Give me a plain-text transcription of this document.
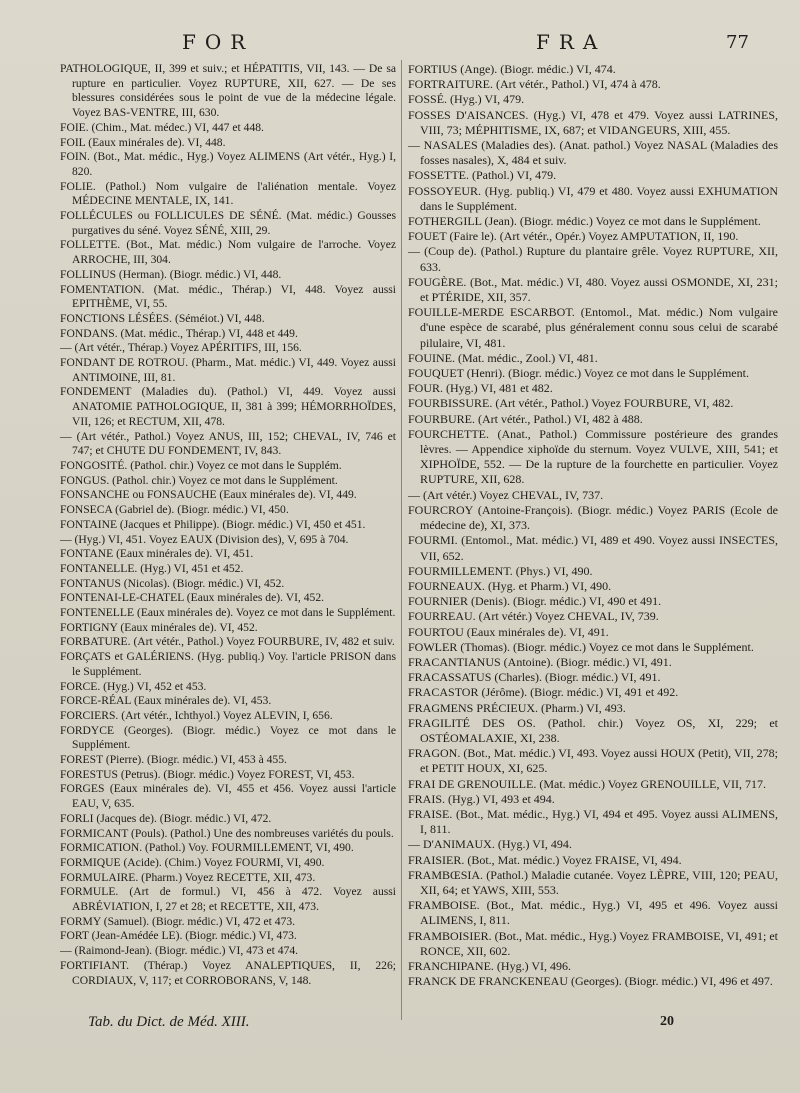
FOR	FRA	77

PATHOLOGIQUE, II, 399 et suiv.; et HÉPATITIS, VII, 143. — De sa rupture en particulier. Voyez RUPTURE, XII, 627. — De ses blessures considérées sous le point de vue de la médecine légale. Voyez BAS-VENTRE, III, 630.

FOIE. (Chim., Mat. médec.) VI, 447 et 448.

FOIL (Eaux minérales de). VI, 448.

FOIN. (Bot., Mat. médic., Hyg.) Voyez ALIMENS (Art vétér., Hyg.) I, 820.

FOLIE. (Pathol.) Nom vulgaire de l'aliénation mentale. Voyez MÉDECINE MENTALE, IX, 141.

FOLLÉCULES ou FOLLICULES DE SÉNÉ. (Mat. médic.) Gousses purgatives du séné. Voyez SÉNÉ, XIII, 29.

FOLLETTE. (Bot., Mat. médic.) Nom vulgaire de l'arroche. Voyez ARROCHE, III, 304.

FOLLINUS (Herman). (Biogr. médic.) VI, 448.

FOMENTATION. (Mat. médic., Thérap.) VI, 448. Voyez aussi EPITHÈME, VI, 55.

FONCTIONS LÉSÉES. (Séméiot.) VI, 448.

FONDANS. (Mat. médic., Thérap.) VI, 448 et 449.

— (Art vétér., Thérap.) Voyez APÉRITIFS, III, 156.

FONDANT DE ROTROU. (Pharm., Mat. médic.) VI, 449. Voyez aussi ANTIMOINE, III, 81.

FONDEMENT (Maladies du). (Pathol.) VI, 449. Voyez aussi ANATOMIE PATHOLOGIQUE, II, 381 à 399; HÉMORRHOÏDES, VII, 126; et RECTUM, XII, 478.

— (Art vétér., Pathol.) Voyez ANUS, III, 152; CHEVAL, IV, 746 et 747; et CHUTE DU FONDEMENT, IV, 843.

FONGOSITÉ. (Pathol. chir.) Voyez ce mot dans le Supplém.

FONGUS. (Pathol. chir.) Voyez ce mot dans le Supplément.

FONSANCHE ou FONSAUCHE (Eaux minérales de). VI, 449.

FONSECA (Gabriel de). (Biogr. médic.) VI, 450.

FONTAINE (Jacques et Philippe). (Biogr. médic.) VI, 450 et 451.

— (Hyg.) VI, 451. Voyez EAUX (Division des), V, 695 à 704.

FONTANE (Eaux minérales de). VI, 451.

FONTANELLE. (Hyg.) VI, 451 et 452.

FONTANUS (Nicolas). (Biogr. médic.) VI, 452.

FONTENAI-LE-CHATEL (Eaux minérales de). VI, 452.

FONTENELLE (Eaux minérales de). Voyez ce mot dans le Supplément.

FORTIGNY (Eaux minérales de). VI, 452.

FORBATURE. (Art vétér., Pathol.) Voyez FOURBURE, IV, 482 et suiv.

FORÇATS et GALÉRIENS. (Hyg. publiq.) Voy. l'article PRISON dans le Supplément.

FORCE. (Hyg.) VI, 452 et 453.

FORCE-RÉAL (Eaux minérales de). VI, 453.

FORCIERS. (Art vétér., Ichthyol.) Voyez ALEVIN, I, 656.

FORDYCE (Georges). (Biogr. médic.) Voyez ce mot dans le Supplément.

FOREST (Pierre). (Biogr. médic.) VI, 453 à 455.

FORESTUS (Petrus). (Biogr. médic.) Voyez FOREST, VI, 453.

FORGES (Eaux minérales de). VI, 455 et 456. Voyez aussi l'article EAU, V, 635.

FORLI (Jacques de). (Biogr. médic.) VI, 472.

FORMICANT (Pouls). (Pathol.) Une des nombreuses variétés du pouls.

FORMICATION. (Pathol.) Voy. FOURMILLEMENT, VI, 490.

FORMIQUE (Acide). (Chim.) Voyez FOURMI, VI, 490.

FORMULAIRE. (Pharm.) Voyez RECETTE, XII, 473.

FORMULE. (Art de formul.) VI, 456 à 472. Voyez aussi ABRÉVIATION, I, 27 et 28; et RECETTE, XII, 473.

FORMY (Samuel). (Biogr. médic.) VI, 472 et 473.

FORT (Jean-Amédée LE). (Biogr. médic.) VI, 473.

— (Raimond-Jean). (Biogr. médic.) VI, 473 et 474.

FORTIFIANT. (Thérap.) Voyez ANALEPTIQUES, II, 226; CORDIAUX, V, 117; et CORROBORANS, V, 148.

FORTIUS (Ange). (Biogr. médic.) VI, 474.

FORTRAITURE. (Art vétér., Pathol.) VI, 474 à 478.

FOSSÉ. (Hyg.) VI, 479.

FOSSES D'AISANCES. (Hyg.) VI, 478 et 479. Voyez aussi LATRINES, VIII, 73; MÉPHITISME, IX, 687; et VIDANGEURS, XIII, 455.

— NASALES (Maladies des). (Anat. pathol.) Voyez NASAL (Maladies des fosses nasales), X, 484 et suiv.

FOSSETTE. (Pathol.) VI, 479.

FOSSOYEUR. (Hyg. publiq.) VI, 479 et 480. Voyez aussi EXHUMATION dans le Supplément.

FOTHERGILL (Jean). (Biogr. médic.) Voyez ce mot dans le Supplément.

FOUET (Faire le). (Art vétér., Opér.) Voyez AMPUTATION, II, 190.

— (Coup de). (Pathol.) Rupture du plantaire grêle. Voyez RUPTURE, XII, 633.

FOUGÈRE. (Bot., Mat. médic.) VI, 480. Voyez aussi OSMONDE, XI, 231; et PTÉRIDE, XII, 357.

FOUILLE-MERDE ESCARBOT. (Entomol., Mat. médic.) Nom vulgaire d'une espèce de scarabé, plus généralement connu sous celui de scarabé pilulaire, VI, 481.

FOUINE. (Mat. médic., Zool.) VI, 481.

FOUQUET (Henri). (Biogr. médic.) Voyez ce mot dans le Supplément.

FOUR. (Hyg.) VI, 481 et 482.

FOURBISSURE. (Art vétér., Pathol.) Voyez FOURBURE, VI, 482.

FOURBURE. (Art vétér., Pathol.) VI, 482 à 488.

FOURCHETTE. (Anat., Pathol.) Commissure postérieure des grandes lèvres. — Appendice xiphoïde du sternum. Voyez VULVE, XIII, 541; et XIPHOÏDE, 552. — De la rupture de la fourchette en particulier. Voyez RUPTURE, XII, 628.

— (Art vétér.) Voyez CHEVAL, IV, 737.

FOURCROY (Antoine-François). (Biogr. médic.) Voyez PARIS (Ecole de médecine de), XI, 373.

FOURMI. (Entomol., Mat. médic.) VI, 489 et 490. Voyez aussi INSECTES, VII, 652.

FOURMILLEMENT. (Phys.) VI, 490.

FOURNEAUX. (Hyg. et Pharm.) VI, 490.

FOURNIER (Denis). (Biogr. médic.) VI, 490 et 491.

FOURREAU. (Art vétér.) Voyez CHEVAL, IV, 739.

FOURTOU (Eaux minérales de). VI, 491.

FOWLER (Thomas). (Biogr. médic.) Voyez ce mot dans le Supplément.

FRACANTIANUS (Antoine). (Biogr. médic.) VI, 491.

FRACASSATUS (Charles). (Biogr. médic.) VI, 491.

FRACASTOR (Jérôme). (Biogr. médic.) VI, 491 et 492.

FRAGMENS PRÉCIEUX. (Pharm.) VI, 493.

FRAGILITÉ DES OS. (Pathol. chir.) Voyez OS, XI, 229; et OSTÉOMALAXIE, XI, 238.

FRAGON. (Bot., Mat. médic.) VI, 493. Voyez aussi HOUX (Petit), VII, 278; et PETIT HOUX, XI, 625.

FRAI DE GRENOUILLE. (Mat. médic.) Voyez GRENOUILLE, VII, 717.

FRAIS. (Hyg.) VI, 493 et 494.

FRAISE. (Bot., Mat. médic., Hyg.) VI, 494 et 495. Voyez aussi ALIMENS, I, 811.

— D'ANIMAUX. (Hyg.) VI, 494.

FRAISIER. (Bot., Mat. médic.) Voyez FRAISE, VI, 494.

FRAMBŒSIA. (Pathol.) Maladie cutanée. Voyez LÈPRE, VIII, 120; PEAU, XII, 64; et YAWS, XIII, 553.

FRAMBOISE. (Bot., Mat. médic., Hyg.) VI, 495 et 496. Voyez aussi ALIMENS, I, 811.

FRAMBOISIER. (Bot., Mat. médic., Hyg.) Voyez FRAMBOISE, VI, 491; et RONCE, XII, 602.

FRANCHIPANE. (Hyg.) VI, 496.

FRANCK DE FRANCKENEAU (Georges). (Biogr. médic.) VI, 496 et 497.

Tab. du Dict. de Méd. XIII.	20
